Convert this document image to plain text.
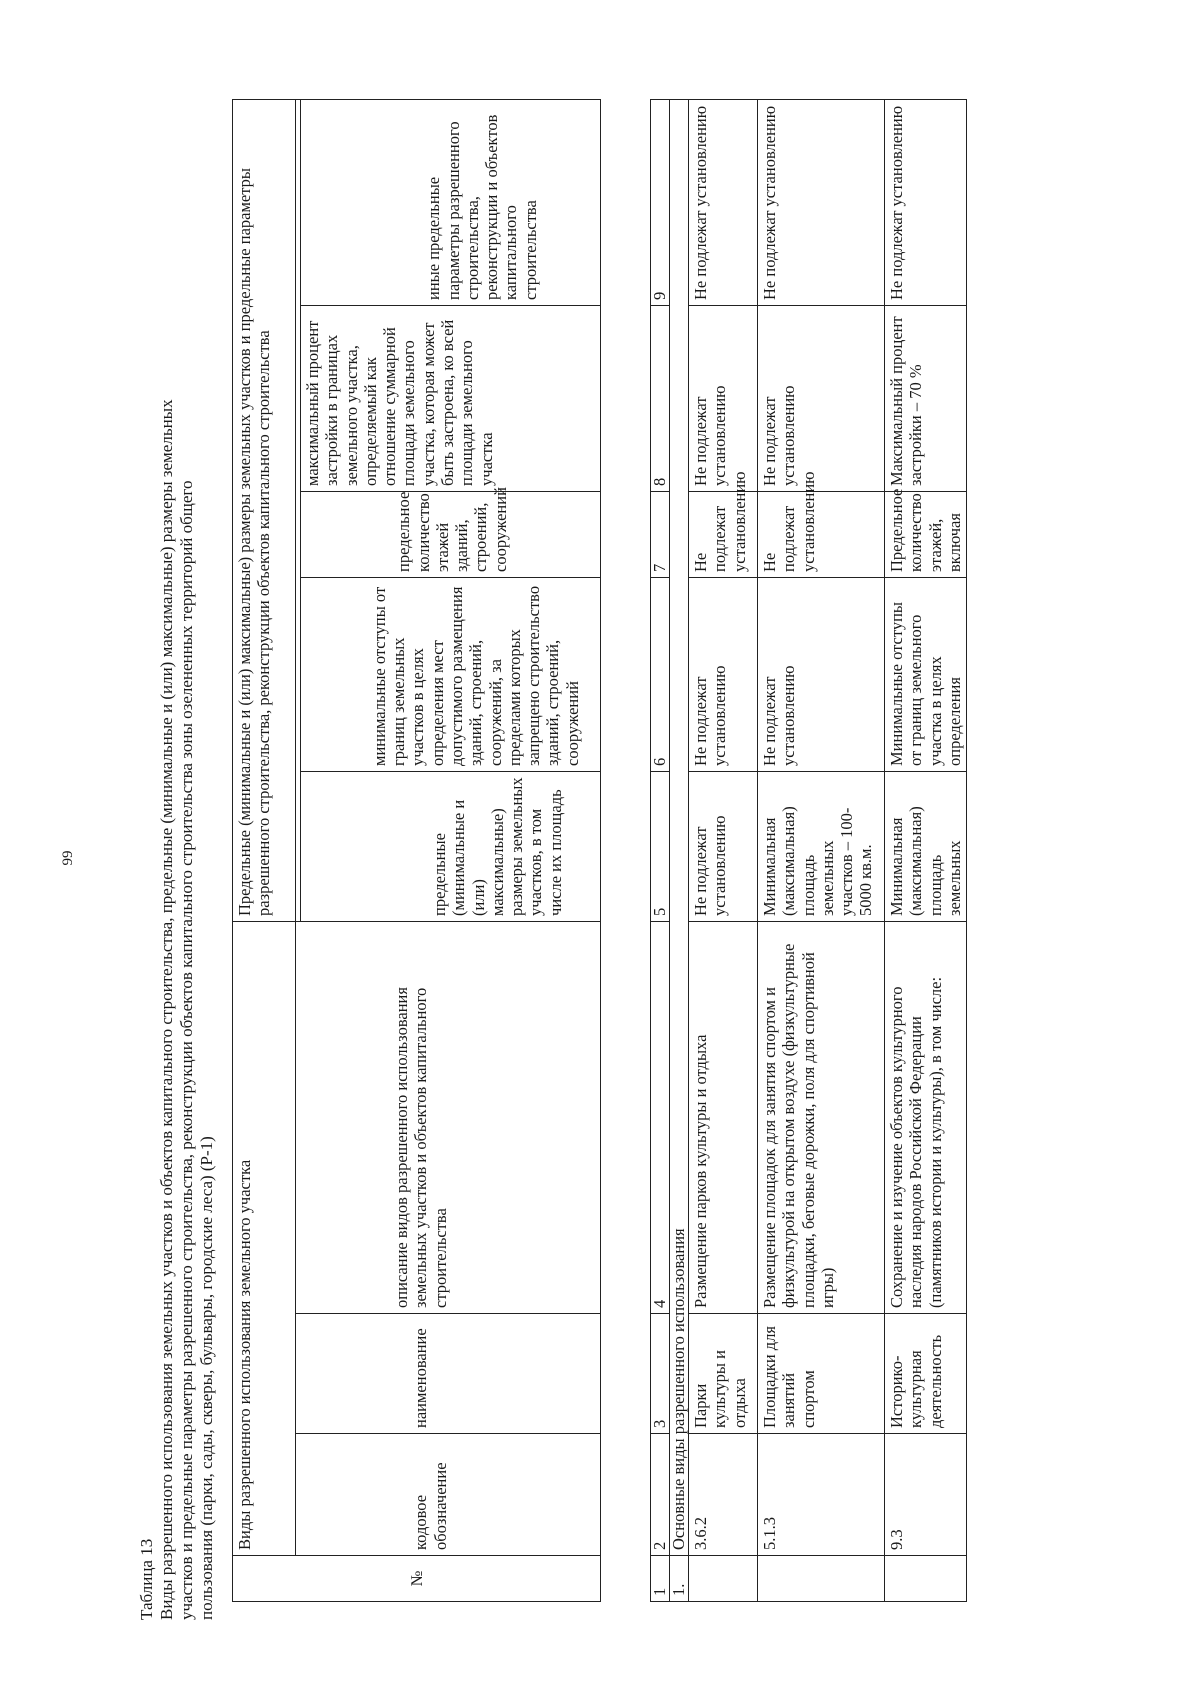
99
Таблица 13 Виды разрешенного использования земельных участков и объектов капитального строительства, предельные (минимальные и (или) максимальные) размеры земельных участков и предельные параметры разрешенного строительства, реконструкции объектов капитального строительства зоны озелененных территорий общего пользования (парки, сады, скверы, бульвары, городские леса) (Р-1)	№	Виды разрешенного использования земельного участка			Предельные (минимальные и (или) максимальные) размеры земельных участков и предельные параметры разрешенного строительства, реконструкции объектов капитального строительства				
	кодовое обозначение	наименование	описание видов разрешенного использования земельных участков и объектов капитального строительства					
				предельные (минимальные и (или) максимальные) размеры земельных участков, в том числе их площадь	минимальные отступы от границ земельных участков в целях определения мест допустимого размещения зданий, строений, сооружений, за пределами которых запрещено строительство зданий, строений, сооружений	предельное количество этажей зданий, строений, сооружений	максимальный процент застройки в границах земельного участка, определяемый как отношение суммарной площади земельного участка, которая может быть застроена, ко всей площади земельного участка	иные предельные параметры разрешенного строительства, реконструкции и объектов капитального строительства
1	2	3	4	5	6	7	8	9
1.	Основные виды разрешенного использования							
	3.6.2	Парки культуры и отдыха	Размещение парков культуры и отдыха	Не подлежат установлению	Не подлежат установлению	Не подлежат установлению	Не подлежат установлению	Не подлежат установлению
	5.1.3	Площадки для занятий спортом	Размещение площадок для занятия спортом и физкультурой на открытом воздухе (физкультурные площадки, беговые дорожки, поля для спортивной игры)	Минимальная (максимальная) площадь земельных участков – 100-5000 кв.м.	Не подлежат установлению	Не подлежат установлению	Не подлежат установлению	Не подлежат установлению
	9.3	Историко-культурная деятельность	Сохранение и изучение объектов культурного наследия народов Российской Федерации (памятников истории и культуры), в том числе:	Минимальная (максимальная) площадь земельных	Минимальные отступы от границ земельного участка в целях определения	Предельное количество этажей, включая	Максимальный процент застройки – 70 %	Не подлежат установлению
